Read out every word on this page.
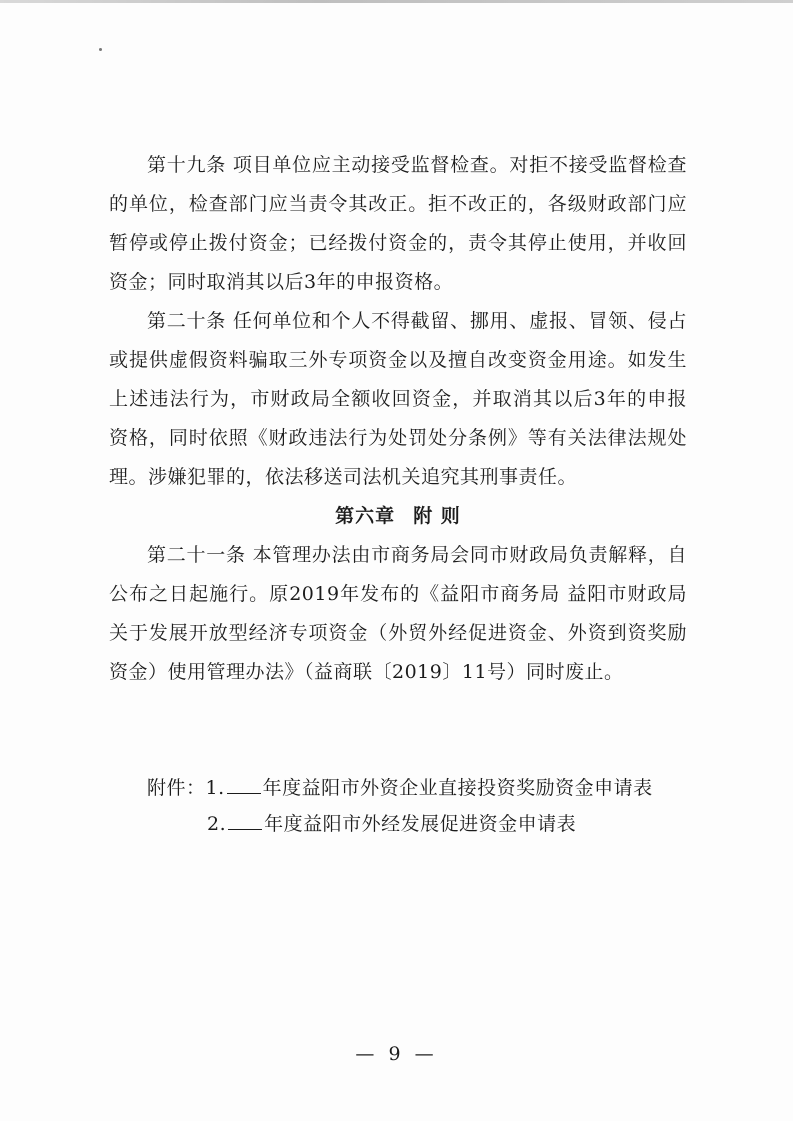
第十九条 项目单位应主动接受监督检查。对拒不接受监督检查的单位，检查部门应当责令其改正。拒不改正的，各级财政部门应暂停或停止拨付资金；已经拨付资金的，责令其停止使用，并收回资金；同时取消其以后3年的申报资格。

第二十条 任何单位和个人不得截留、挪用、虚报、冒领、侵占或提供虚假资料骗取三外专项资金以及擅自改变资金用途。如发生上述违法行为，市财政局全额收回资金，并取消其以后3年的申报资格，同时依照《财政违法行为处罚处分条例》等有关法律法规处理。涉嫌犯罪的，依法移送司法机关追究其刑事责任。

第六章 附 则

第二十一条 本管理办法由市商务局会同市财政局负责解释，自公布之日起施行。原2019年发布的《益阳市商务局 益阳市财政局关于发展开放型经济专项资金（外贸外经促进资金、外资到资奖励资金）使用管理办法》（益商联〔2019〕11号）同时废止。

附件：1. 年度益阳市外资企业直接投资奖励资金申请表
2. 年度益阳市外经发展促进资金申请表
— 9 —
